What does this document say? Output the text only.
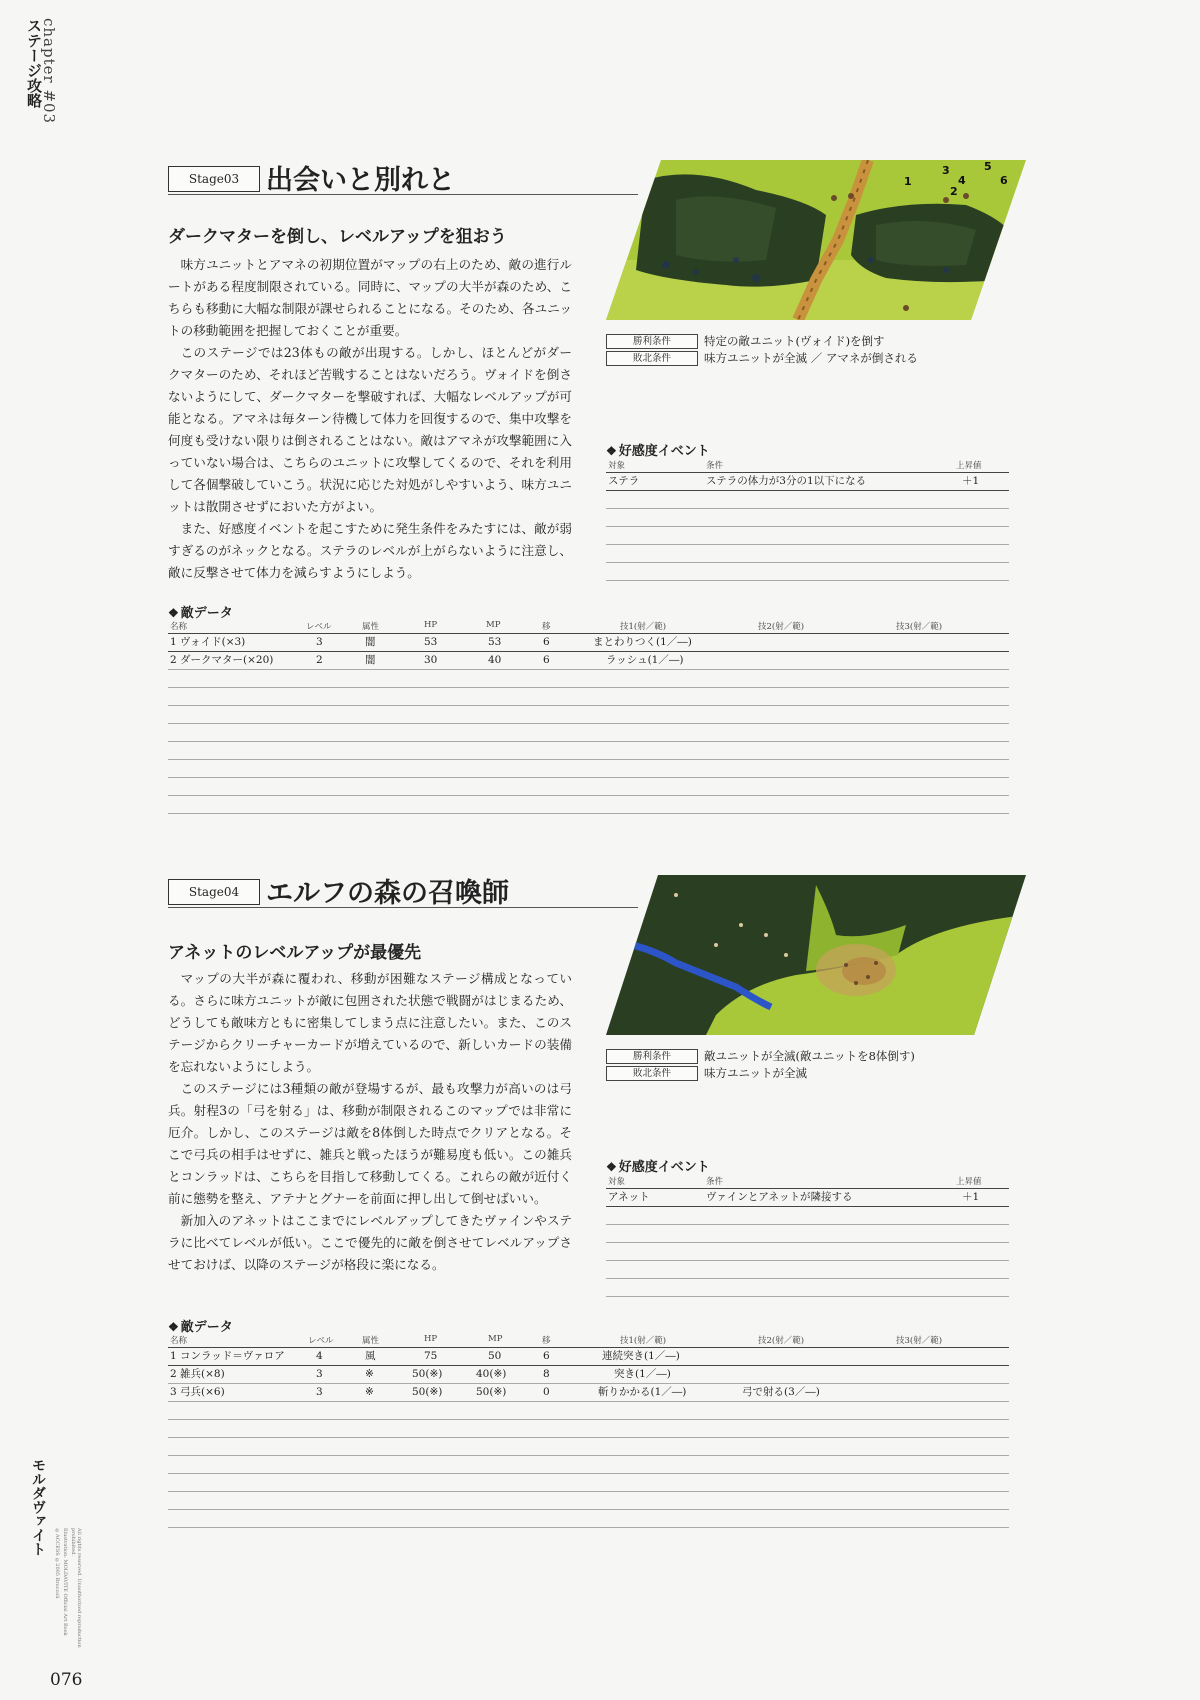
chapter #03
ステージ攻略
Stage03 出会いと別れと
ダークマターを倒し、レベルアップを狙おう

味方ユニットとアマネの初期位置がマップの右上のため、敵の進行ルートがある程度制限されている。同時に、マップの大半が森のため、こちらも移動に大幅な制限が課せられることになる。そのため、各ユニットの移動範囲を把握しておくことが重要。

このステージでは23体もの敵が出現する。しかし、ほとんどがダークマターのため、それほど苦戦することはないだろう。ヴォイドを倒さないようにして、ダークマターを撃破すれば、大幅なレベルアップが可能となる。アマネは毎ターン待機して体力を回復するので、集中攻撃を何度も受けない限りは倒されることはない。敵はアマネが攻撃範囲に入っていない場合は、こちらのユニットに攻撃してくるので、それを利用して各個撃破していこう。状況に応じた対処がしやすいよう、味方ユニットは散開させずにおいた方がよい。

また、好感度イベントを起こすために発生条件をみたすには、敵が弱すぎるのがネックとなる。ステラのレベルが上がらないように注意し、敵に反撃させて体力を減らすようにしよう。

1
2
3
4
5
6
勝利条件	特定の敵ユニット(ヴォイド)を倒す
敗北条件	味方ユニットが全滅 ／ アマネが倒される
❖ 好感度イベント
対象	条件	上昇値
ステラ	ステラの体力が3分の1以下になる	＋1
❖ 敵データ
名称	レベル	属性	HP	MP	移	技1(射／範)	技2(射／範)	技3(射／範)
1 ヴォイド(×3)	3	闇	53	53	6	まとわりつく(1／―)
2 ダークマター(×20)	2	闇	30	40	6	ラッシュ(1／―)
Stage04 エルフの森の召喚師
アネットのレベルアップが最優先

マップの大半が森に覆われ、移動が困難なステージ構成となっている。さらに味方ユニットが敵に包囲された状態で戦闘がはじまるため、どうしても敵味方ともに密集してしまう点に注意したい。また、このステージからクリーチャーカードが増えているので、新しいカードの装備を忘れないようにしよう。

このステージには3種類の敵が登場するが、最も攻撃力が高いのは弓兵。射程3の「弓を射る」は、移動が制限されるこのマップでは非常に厄介。しかし、このステージは敵を8体倒した時点でクリアとなる。そこで弓兵の相手はせずに、雑兵と戦ったほうが難易度も低い。この雑兵とコンラッドは、こちらを目指して移動してくる。これらの敵が近付く前に態勢を整え、アテナとグナーを前面に押し出して倒せばいい。

新加入のアネットはここまでにレベルアップしてきたヴァインやステラに比べてレベルが低い。ここで優先的に敵を倒させてレベルアップさせておけば、以降のステージが格段に楽になる。

勝利条件	敵ユニットが全滅(敵ユニットを8体倒す)
敗北条件	味方ユニットが全滅
❖ 好感度イベント
対象	条件	上昇値
アネット	ヴァインとアネットが隣接する	＋1
❖ 敵データ
名称	レベル	属性	HP	MP	移	技1(射／範)	技2(射／範)	技3(射／範)
1 コンラッド＝ヴァロア	4	風	75	50	6	連続突き(1／―)
2 雑兵(×8)	3	※	50(※)	40(※)	8	突き(1／―)
3 弓兵(×6)	3	※	50(※)	50(※)	0	斬りかかる(1／―)	弓で射る(3／―)
モルダヴァイト
©ACCESS ©2005 Broccoli Illustration: MOLDAVITE Official Art Book	All rights reserved. Unauthorized reproduction prohibited.
076
